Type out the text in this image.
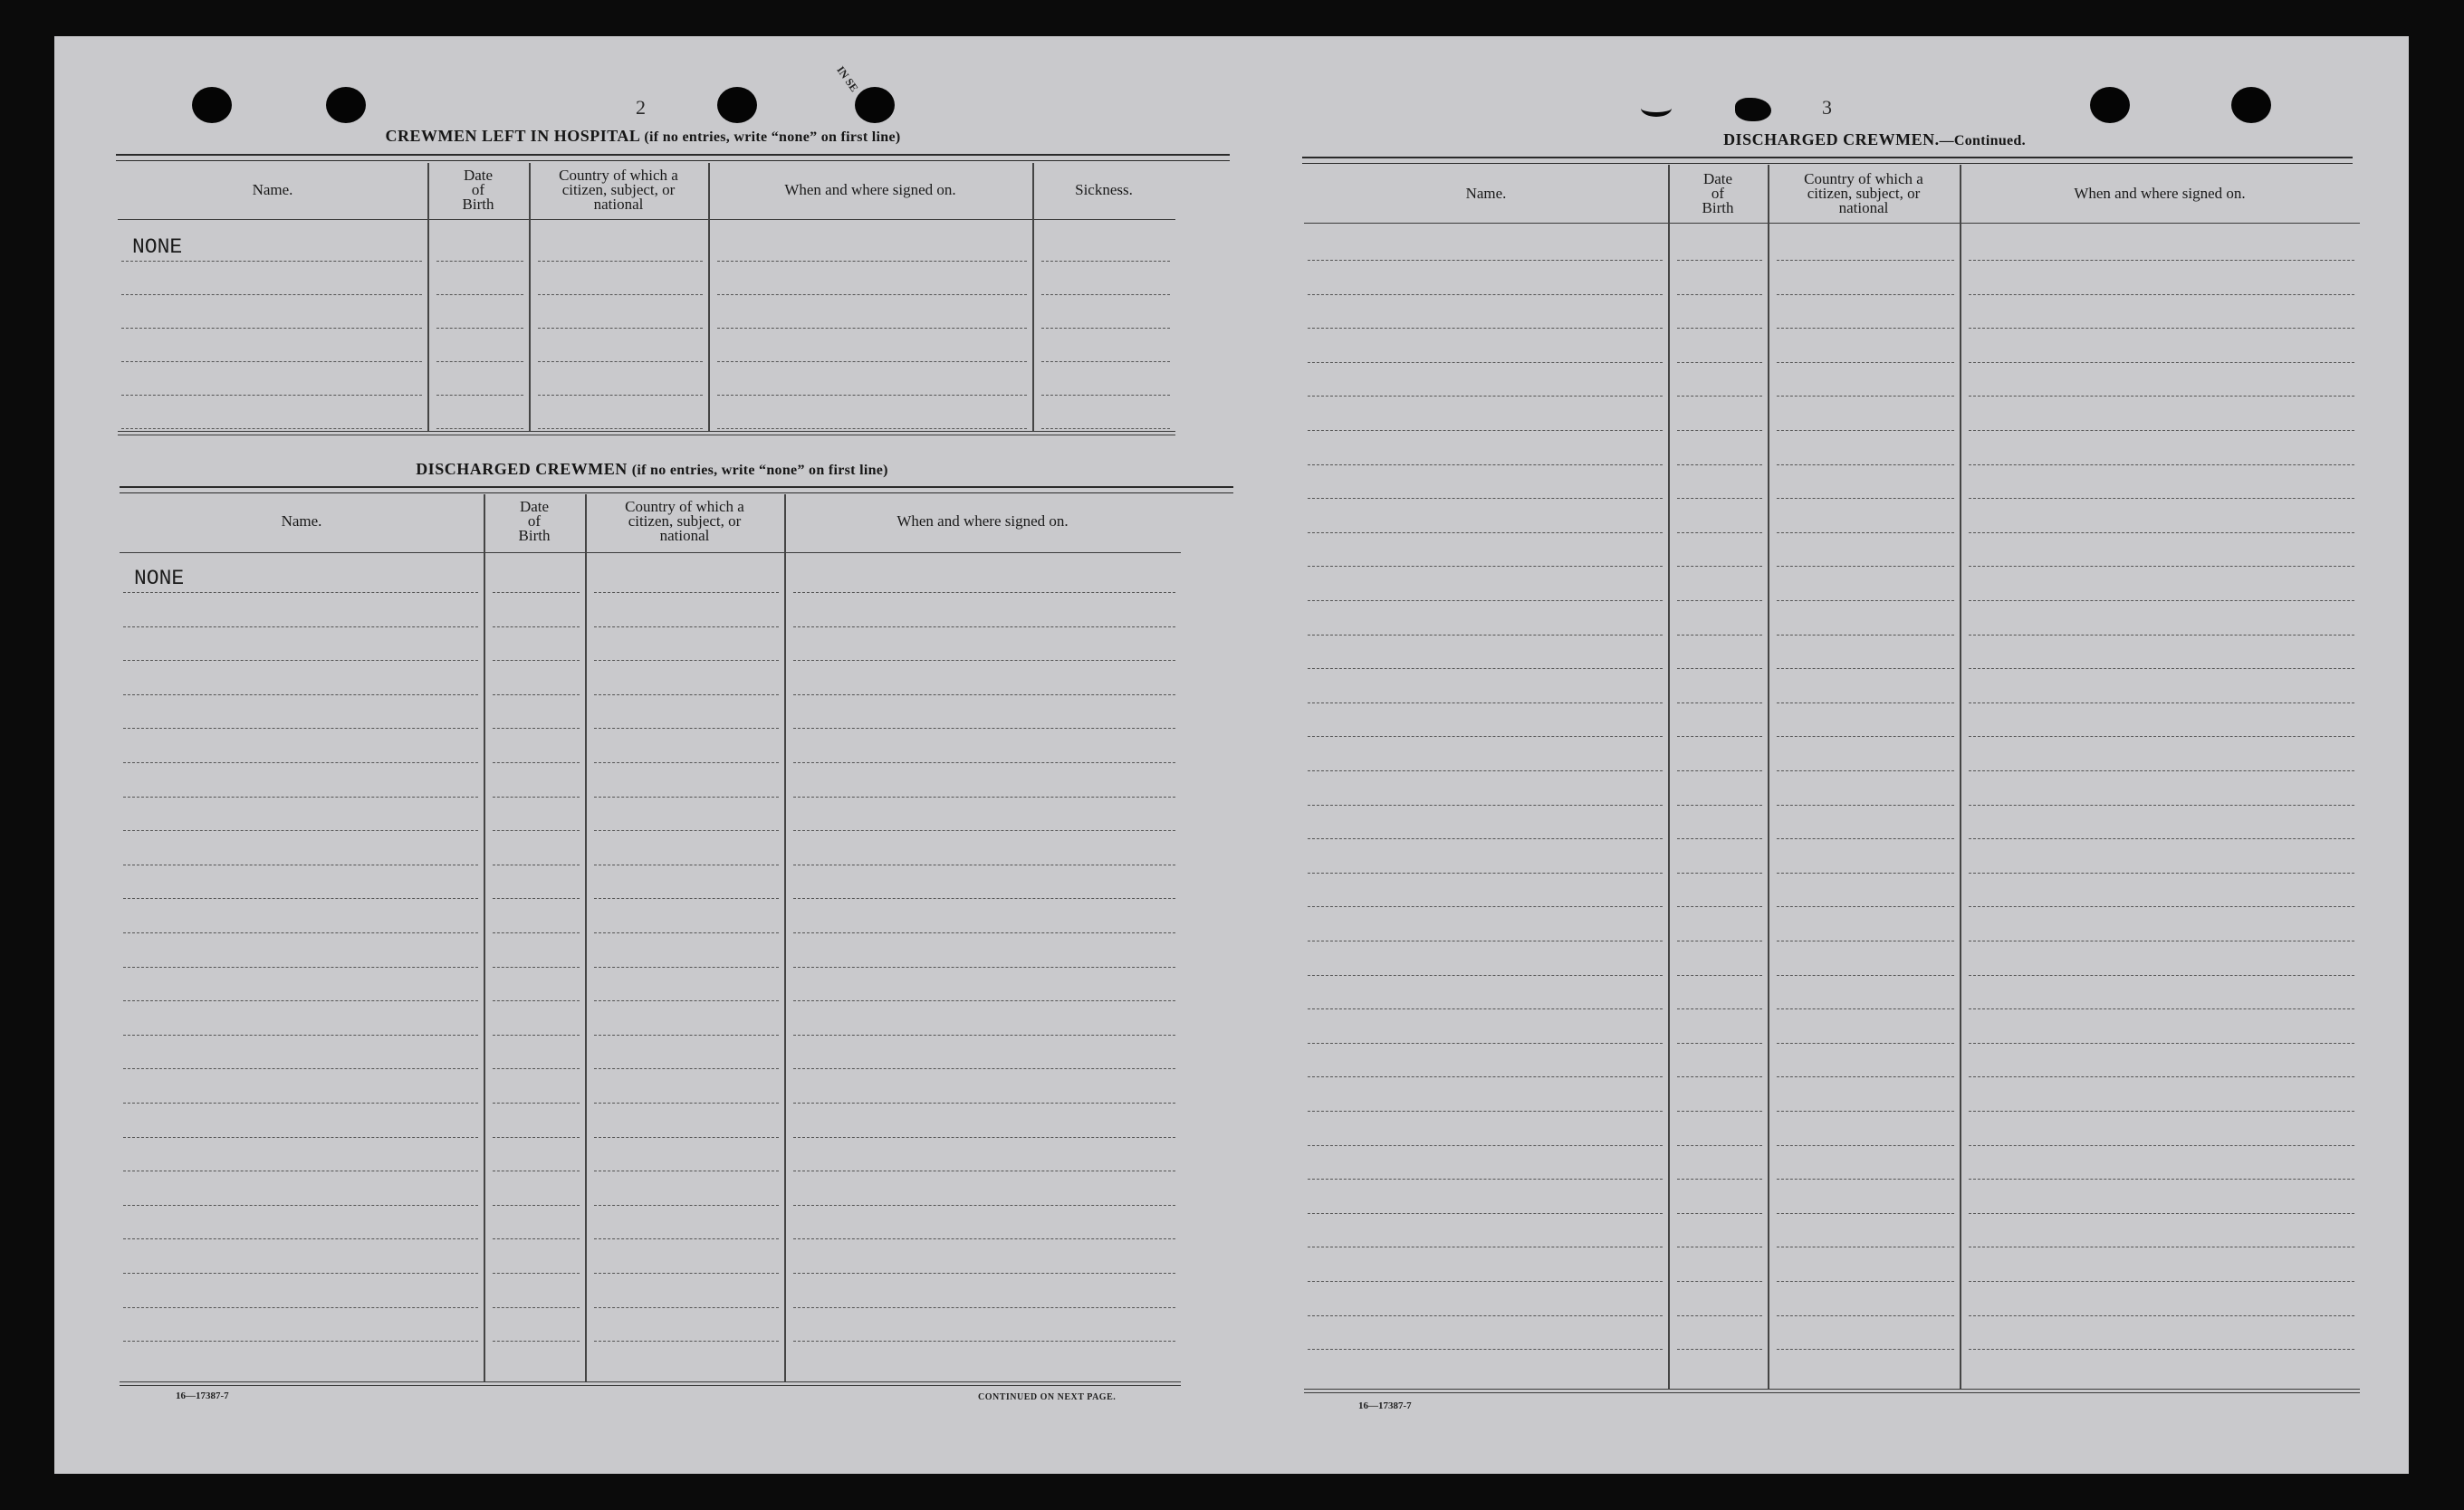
IN SE
2
CREWMEN LEFT IN HOSPITAL (if no entries, write “none” on first line)
DISCHARGED CREWMEN (if no entries, write “none” on first line)
16—17387-7	CONTINUED ON NEXT PAGE.
Name.
Date
of
Birth
Country of which a
citizen, subject, or
national
When and where signed on.	Sickness.
NONE
Name.
Date
of
Birth
Country of which a
citizen, subject, or
national
When and where signed on.
NONE
3
DISCHARGED CREWMEN.—Continued.
16—17387-7
Name.
Date
of
Birth
Country of which a
citizen, subject, or
national
When and where signed on.
